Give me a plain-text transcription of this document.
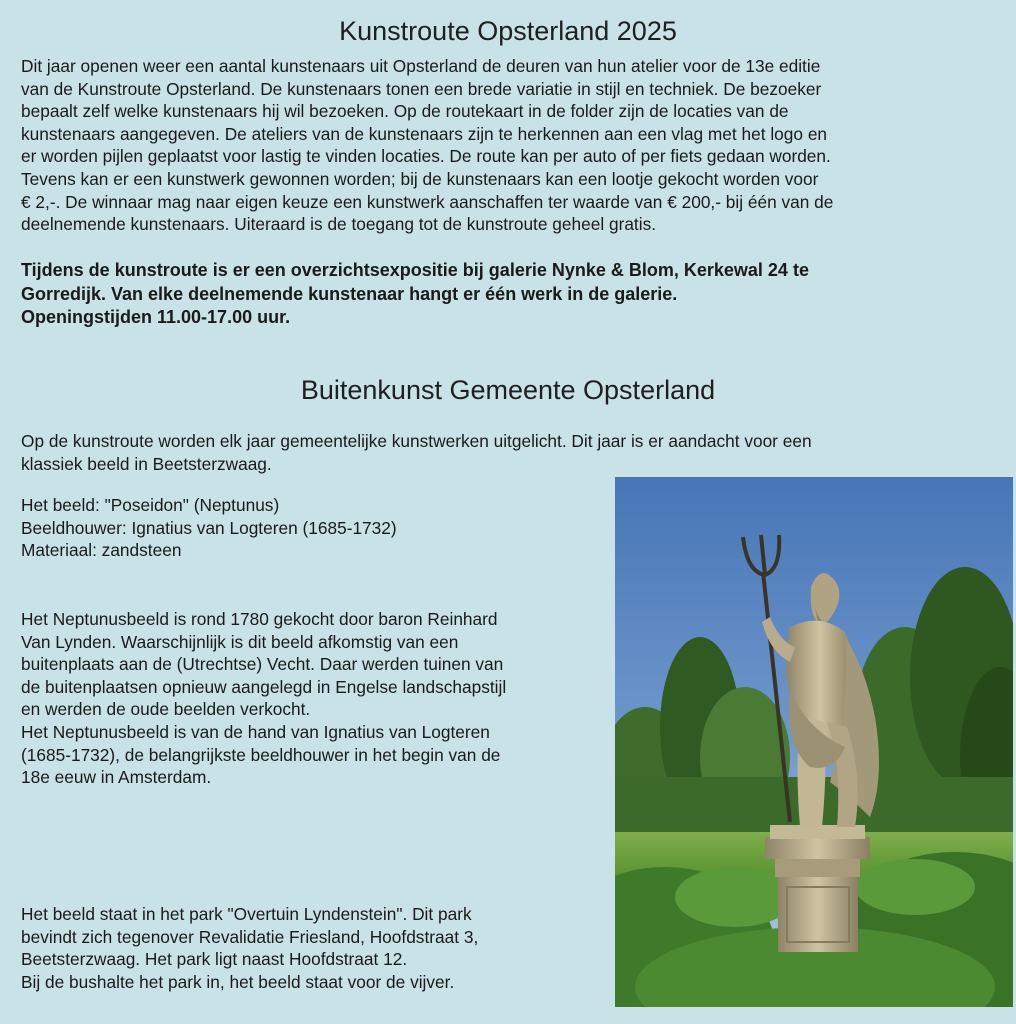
Kunstroute Opsterland 2025

Dit jaar openen weer een aantal kunstenaars uit Opsterland de deuren van hun atelier voor de 13e editie
van de Kunstroute Opsterland. De kunstenaars tonen een brede variatie in stijl en techniek. De bezoeker
bepaalt zelf welke kunstenaars hij wil bezoeken. Op de routekaart in de folder zijn de locaties van de
kunstenaars aangegeven. De ateliers van de kunstenaars zijn te herkennen aan een vlag met het logo en
er worden pijlen geplaatst voor lastig te vinden locaties. De route kan per auto of per fiets gedaan worden.
Tevens kan er een kunstwerk gewonnen worden; bij de kunstenaars kan een lootje gekocht worden voor
€ 2,-. De winnaar mag naar eigen keuze een kunstwerk aanschaffen ter waarde van € 200,- bij één van de
deelnemende kunstenaars. Uiteraard is de toegang tot de kunstroute geheel gratis.

Tijdens de kunstroute is er een overzichtsexpositie bij galerie Nynke & Blom, Kerkewal 24 te
Gorredijk. Van elke deelnemende kunstenaar hangt er één werk in de galerie.
Openingstijden 11.00-17.00 uur.

Buitenkunst Gemeente Opsterland

Op de kunstroute worden elk jaar gemeentelijke kunstwerken uitgelicht. Dit jaar is er aandacht voor een
klassiek beeld in Beetsterzwaag.

Het beeld: "Poseidon" (Neptunus)
Beeldhouwer: Ignatius van Logteren (1685-1732)
Materiaal: zandsteen

Het Neptunusbeeld is rond 1780 gekocht door baron Reinhard
Van Lynden. Waarschijnlijk is dit beeld afkomstig van een
buitenplaats aan de (Utrechtse) Vecht. Daar werden tuinen van
de buitenplaatsen opnieuw aangelegd in Engelse landschapstijl
en werden de oude beelden verkocht.
Het Neptunusbeeld is van de hand van Ignatius van Logteren
(1685-1732), de belangrijkste beeldhouwer in het begin van de
18e eeuw in Amsterdam.

Het beeld staat in het park "Overtuin Lyndenstein". Dit park
bevindt zich tegenover Revalidatie Friesland, Hoofdstraat 3,
Beetsterzwaag. Het park ligt naast Hoofdstraat 12.
Bij de bushalte het park in, het beeld staat voor de vijver.
